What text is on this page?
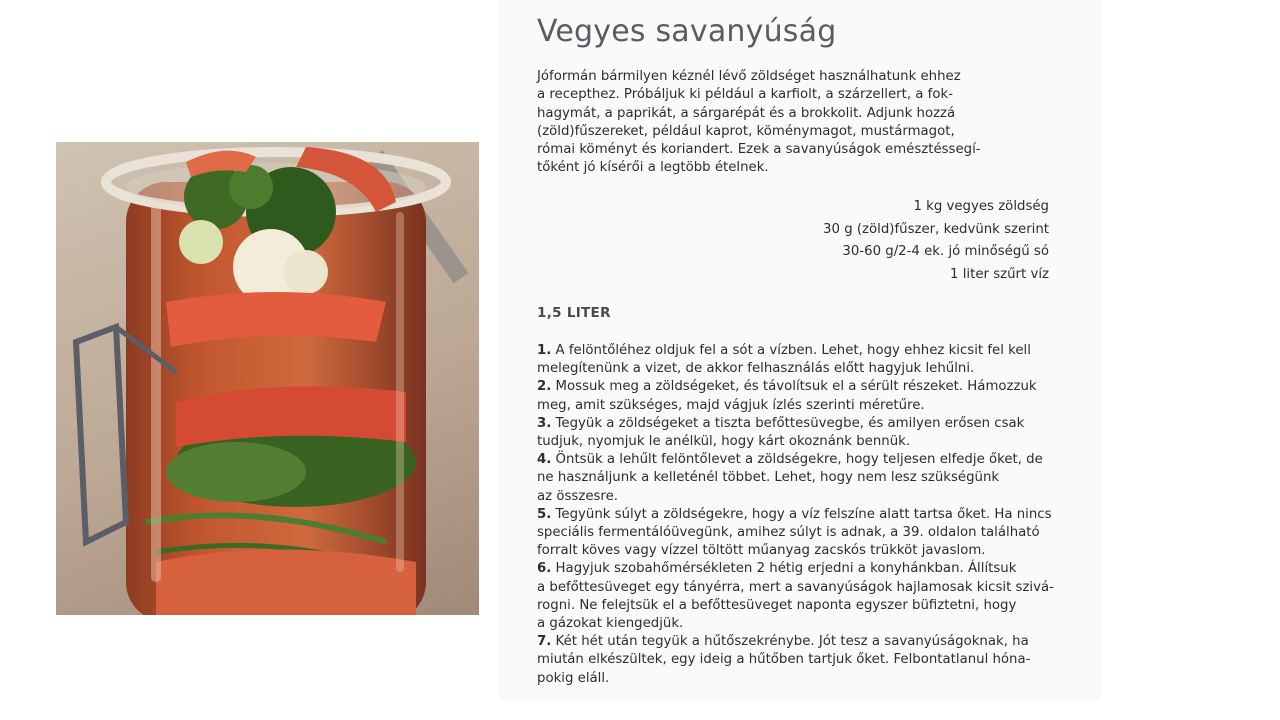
Vegyes savanyúság

Jóformán bármilyen kéznél lévő zöldséget használhatunk ehhez
a recepthez. Próbáljuk ki például a karfiolt, a szárzellert, a fok-
hagymát, a paprikát, a sárgarépát és a brokkolit. Adjunk hozzá
(zöld)fűszereket, például kaprot, köménymagot, mustármagot,
római köményt és koriandert. Ezek a savanyúságok emésztéssegí-
tőként jó kísérői a legtöbb ételnek.

1 kg vegyes zöldség
30 g (zöld)fűszer, kedvünk szerint
30-60 g/2-4 ek. jó minőségű só
1 liter szűrt víz

1,5 LITER

1. A felöntőléhez oldjuk fel a sót a vízben. Lehet, hogy ehhez kicsit fel kell
melegítenünk a vizet, de akkor felhasználás előtt hagyjuk lehűlni.
2. Mossuk meg a zöldségeket, és távolítsuk el a sérült részeket. Hámozzuk
meg, amit szükséges, majd vágjuk ízlés szerinti méretűre.
3. Tegyük a zöldségeket a tiszta befőttesüvegbe, és amilyen erősen csak
tudjuk, nyomjuk le anélkül, hogy kárt okoznánk bennük.
4. Öntsük a lehűlt felöntőlevet a zöldségekre, hogy teljesen elfedje őket, de
ne használjunk a kelleténél többet. Lehet, hogy nem lesz szükségünk
az összesre.
5. Tegyünk súlyt a zöldségekre, hogy a víz felszíne alatt tartsa őket. Ha nincs
speciális fermentálóüvegünk, amihez súlyt is adnak, a 39. oldalon található
forralt köves vagy vízzel töltött műanyag zacskós trükköt javaslom.
6. Hagyjuk szobahőmérsékleten 2 hétig erjedni a konyhánkban. Állítsuk
a befőttesüveget egy tányérra, mert a savanyúságok hajlamosak kicsit szivá-
rogni. Ne felejtsük el a befőttesüveget naponta egyszer büfiztetni, hogy
a gázokat kiengedjük.
7. Két hét után tegyük a hűtőszekrénybe. Jót tesz a savanyúságoknak, ha
miután elkészültek, egy ideig a hűtőben tartjuk őket. Felbontatlanul hóna-
pokig eláll.
